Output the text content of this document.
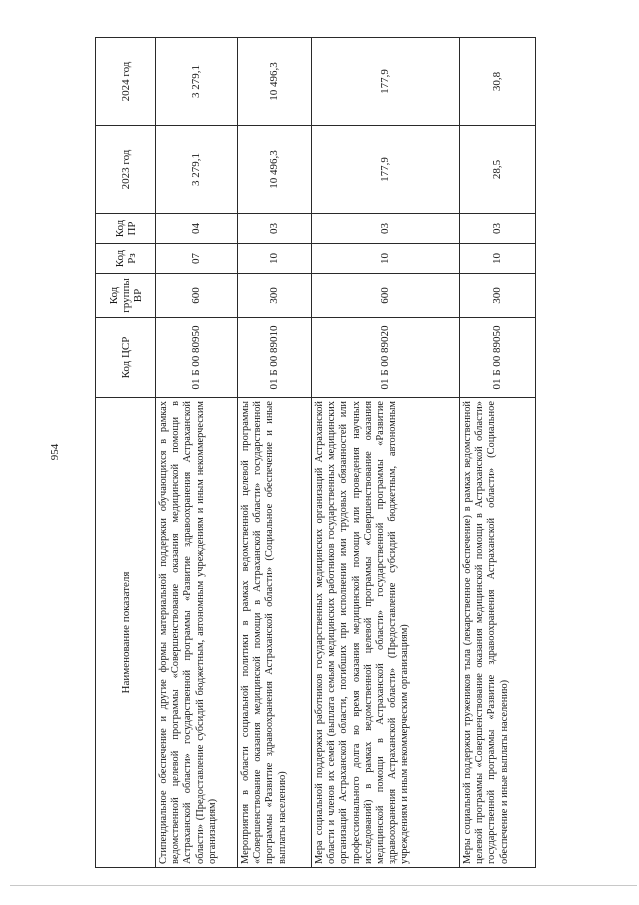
954
Наименование показателя	Код ЦСР	Код группы ВР	Код Рз	Код ПР	2023 год	2024 год
Стипендиальное обеспечение и другие формы материальной поддержки обучающихся в рамках ведомственной целевой программы «Совершенствование оказания медицинской помощи в Астраханской области» государственной программы «Развитие здравоохранения Астраханской области» (Предоставление субсидий бюджетным, автономным учреждениям и иным некоммерческим организациям)	01 Б 00 80950	600	07	04	3 279,1	3 279,1
Мероприятия в области социальной политики в рамках ведомственной целевой программы «Совершенствование оказания медицинской помощи в Астраханской области» государственной программы «Развитие здравоохранения Астраханской области» (Социальное обеспечение и иные выплаты населению)	01 Б 00 89010	300	10	03	10 496,3	10 496,3
Мера социальной поддержки работников государственных медицинских организаций Астраханской области и членов их семей (выплата семьям медицинских работников государственных медицинских организаций Астраханской области, погибших при исполнении ими трудовых обязанностей или профессионального долга во время оказания медицинской помощи или проведения научных исследований) в рамках ведомственной целевой программы «Совершенствование оказания медицинской помощи в Астраханской области» государственной программы «Развитие здравоохранения Астраханской области» (Предоставление субсидий бюджетным, автономным учреждениям и иным некоммерческим организациям)	01 Б 00 89020	600	10	03	177,9	177,9
Меры социальной поддержки тружеников тыла (лекарственное обеспечение) в рамках ведомственной целевой программы «Совершенствование оказания медицинской помощи в Астраханской области» государственной программы «Развитие здравоохранения Астраханской области» (Социальное обеспечение и иные выплаты населению)	01 Б 00 89050	300	10	03	28,5	30,8
